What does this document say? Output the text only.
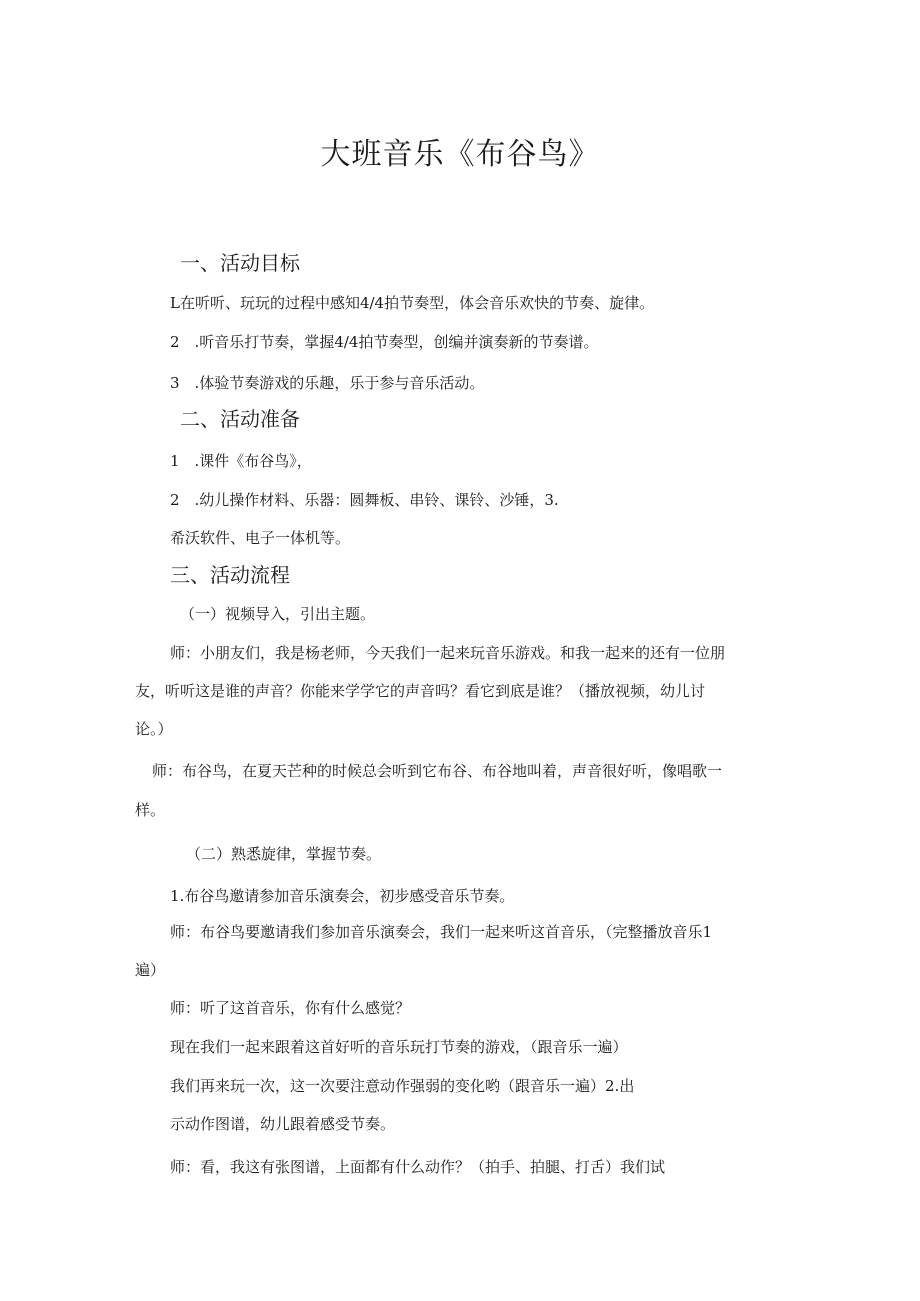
大班音乐《布谷鸟》
一、活动目标
L在听听、玩玩的过程中感知4/4拍节奏型，体会音乐欢快的节奏、旋律。
2　.听音乐打节奏，掌握4/4拍节奏型，创编并演奏新的节奏谱。
3　.体验节奏游戏的乐趣，乐于参与音乐活动。
二、活动准备
1　.课件《布谷鸟》，
2　.幼儿操作材料、乐器：圆舞板、串铃、课铃、沙锤，3.
希沃软件、电子一体机等。
三、活动流程
（一）视频导入，引出主题。
师：小朋友们，我是杨老师，今天我们一起来玩音乐游戏。和我一起来的还有一位朋
友，听听这是谁的声音？你能来学学它的声音吗？看它到底是谁？（播放视频，幼儿讨
论。）
师：布谷鸟，在夏天芒种的时候总会听到它布谷、布谷地叫着，声音很好听，像唱歌一
样。
（二）熟悉旋律，掌握节奏。
1.布谷鸟邀请参加音乐演奏会，初步感受音乐节奏。
师：布谷鸟要邀请我们参加音乐演奏会，我们一起来听这首音乐，（完整播放音乐1
遍）
师：听了这首音乐，你有什么感觉？
现在我们一起来跟着这首好听的音乐玩打节奏的游戏，（跟音乐一遍）
我们再来玩一次，这一次要注意动作强弱的变化哟（跟音乐一遍）2.出
示动作图谱，幼儿跟着感受节奏。
师：看，我这有张图谱，上面都有什么动作？（拍手、拍腿、打舌）我们试
